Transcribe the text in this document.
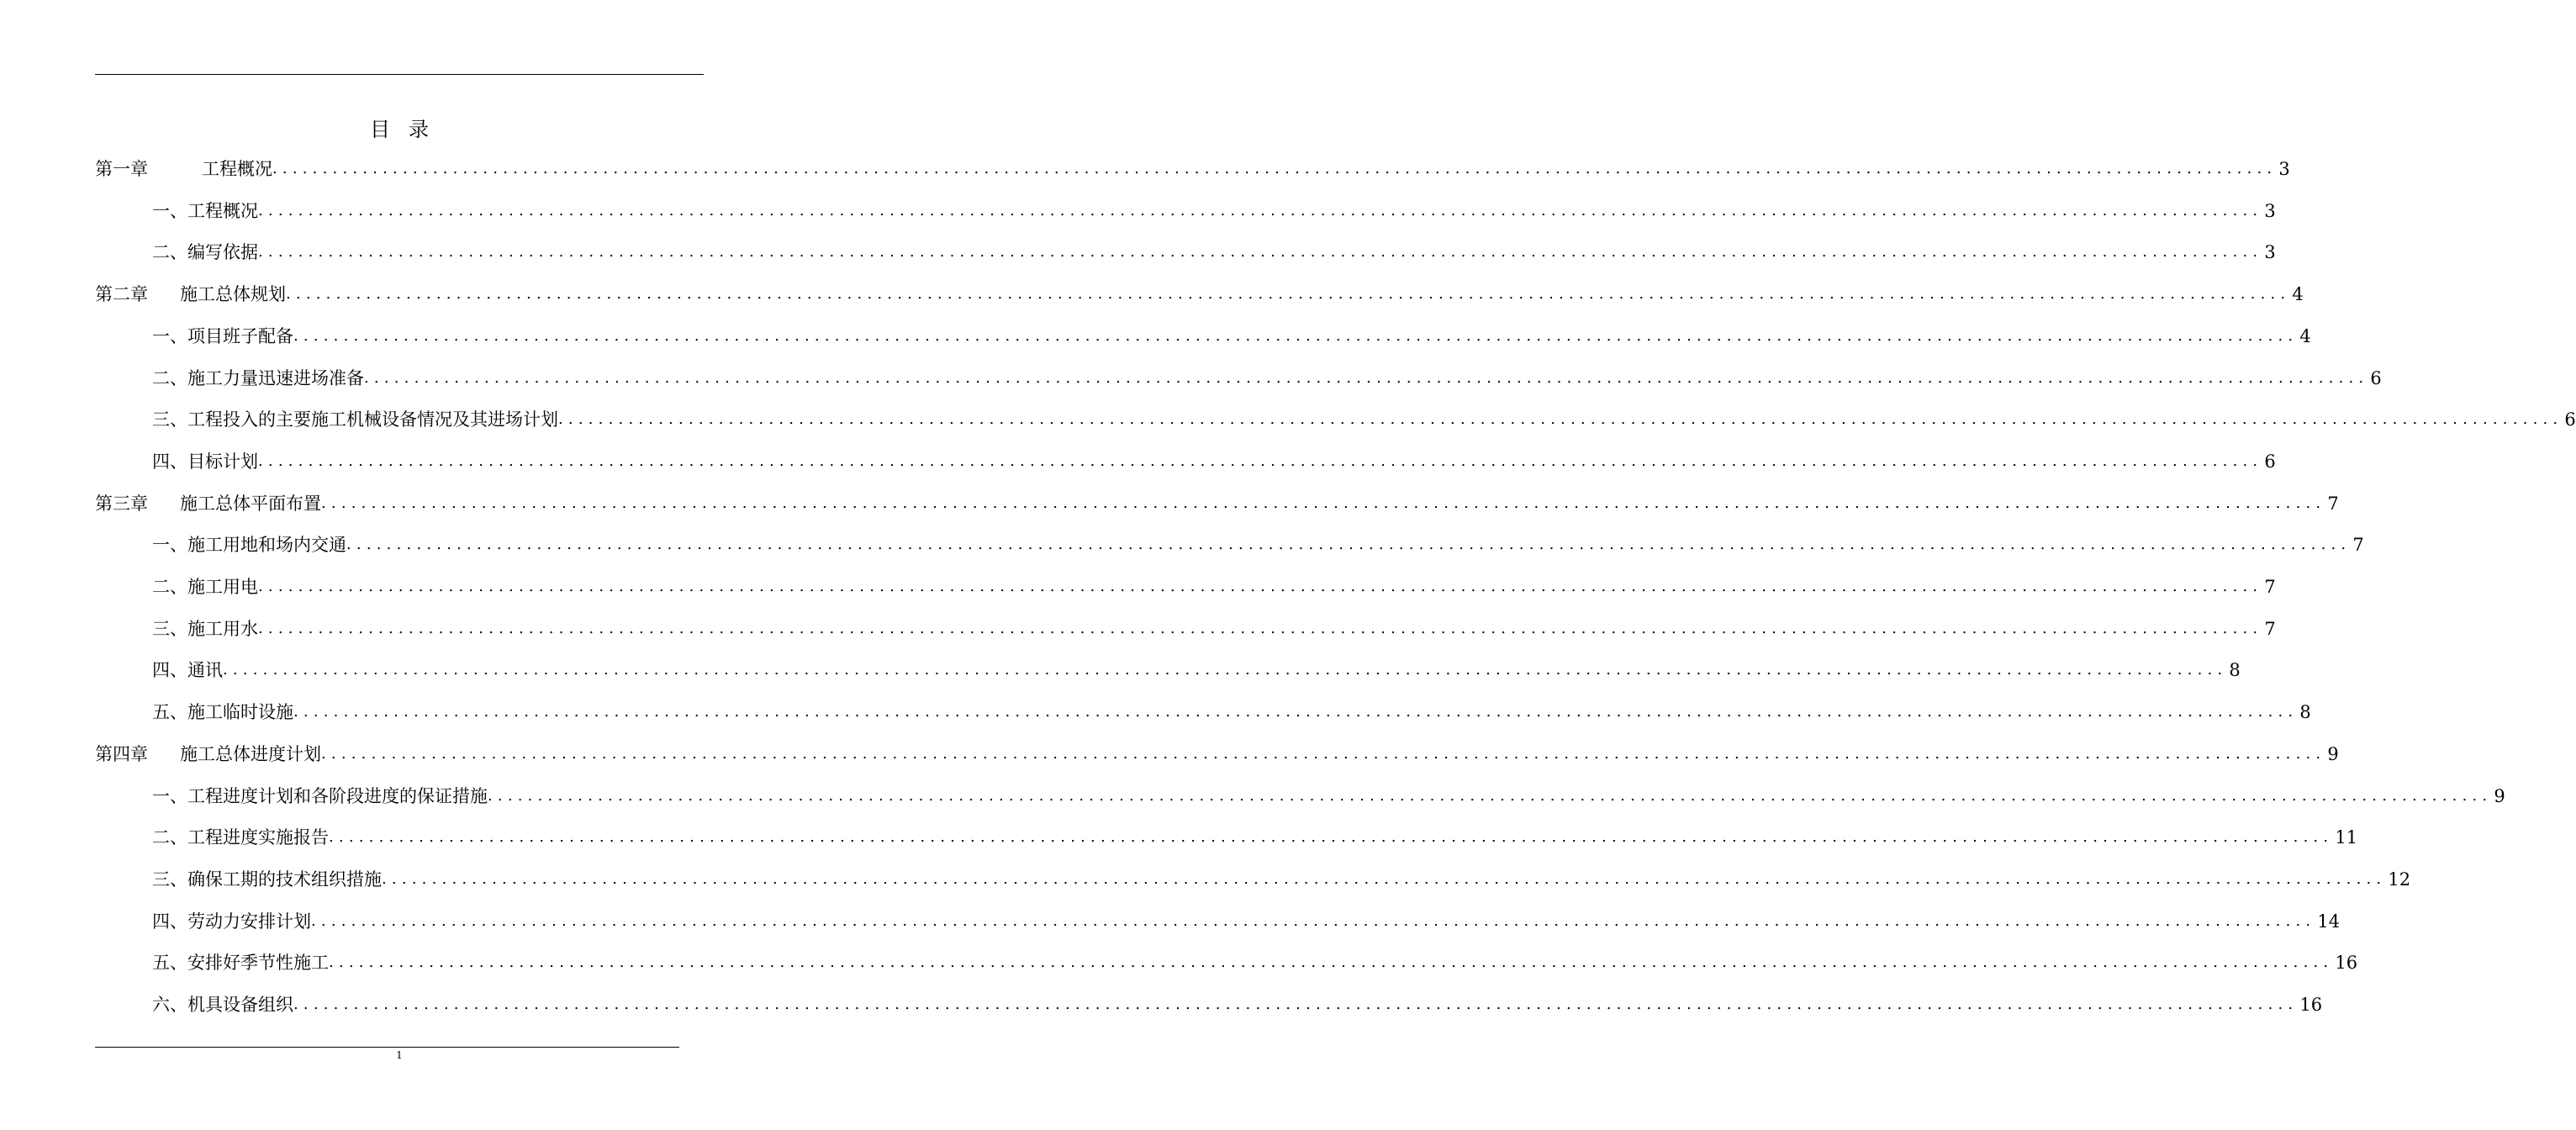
目录
第一章	工程概况 ........................................................................................................................................................................................................ 3
一、工程概况 ........................................................................................................................................................................................................ 3
二、编写依据 ........................................................................................................................................................................................................ 3
第二章 施工总体规划 ........................................................................................................................................................................................................ 4
一、项目班子配备 ........................................................................................................................................................................................................ 4
二、施工力量迅速进场准备 ........................................................................................................................................................................................................ 6
三、工程投入的主要施工机械设备情况及其进场计划 ........................................................................................................................................................................................................ 6
四、目标计划 ........................................................................................................................................................................................................ 6
第三章 施工总体平面布置 ........................................................................................................................................................................................................ 7
一、施工用地和场内交通 ........................................................................................................................................................................................................ 7
二、施工用电 ........................................................................................................................................................................................................ 7
三、施工用水 ........................................................................................................................................................................................................ 7
四、通讯 ........................................................................................................................................................................................................ 8
五、施工临时设施 ........................................................................................................................................................................................................ 8
第四章 施工总体进度计划 ........................................................................................................................................................................................................ 9
一、工程进度计划和各阶段进度的保证措施 ........................................................................................................................................................................................................ 9
二、工程进度实施报告 ........................................................................................................................................................................................................ 11
三、确保工期的技术组织措施 ........................................................................................................................................................................................................ 12
四、劳动力安排计划 ........................................................................................................................................................................................................ 14
五、安排好季节性施工 ........................................................................................................................................................................................................ 16
六、机具设备组织 ........................................................................................................................................................................................................ 16
1
